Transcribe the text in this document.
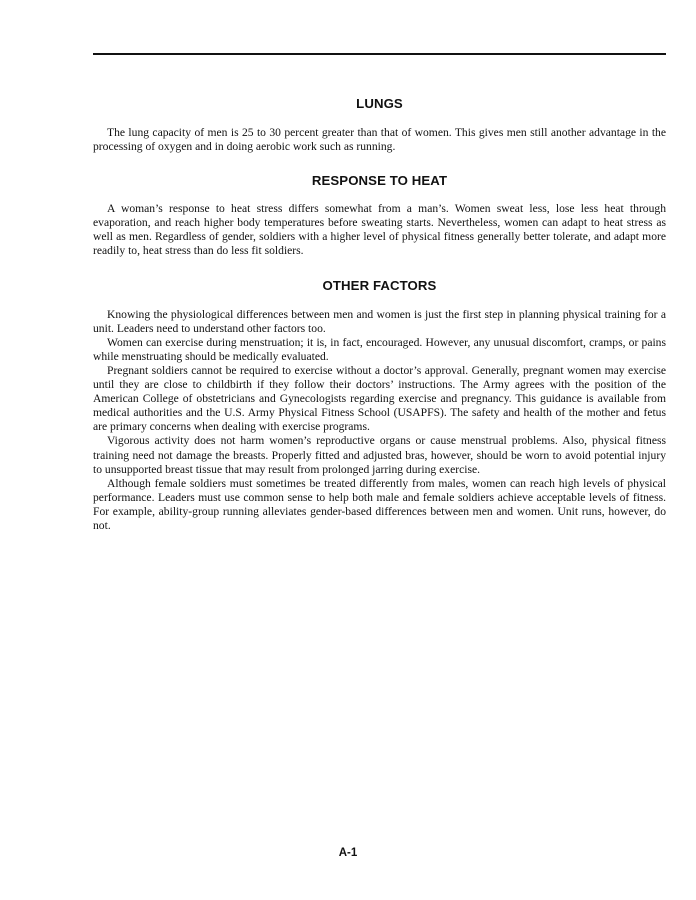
LUNGS

The lung capacity of men is 25 to 30 percent greater than that of women. This gives men still another advantage in the processing of oxygen and in doing aerobic work such as running.

RESPONSE TO HEAT

A woman’s response to heat stress differs somewhat from a man’s. Women sweat less, lose less heat through evaporation, and reach higher body temperatures before sweating starts. Nevertheless, women can adapt to heat stress as well as men. Regardless of gender, soldiers with a higher level of physical fitness generally better tolerate, and adapt more readily to, heat stress than do less fit soldiers.

OTHER FACTORS

Knowing the physiological differences between men and women is just the first step in planning physical training for a unit. Leaders need to understand other factors too.

Women can exercise during menstruation; it is, in fact, encouraged. However, any unusual discomfort, cramps, or pains while menstruating should be medically evaluated.

Pregnant soldiers cannot be required to exercise without a doctor’s approval. Generally, pregnant women may exercise until they are close to childbirth if they follow their doctors’ instructions. The Army agrees with the position of the American College of obstetricians and Gynecologists regarding exercise and pregnancy. This guidance is available from medical authorities and the U.S. Army Physical Fitness School (USAPFS). The safety and health of the mother and fetus are primary concerns when dealing with exercise programs.

Vigorous activity does not harm women’s reproductive organs or cause menstrual problems. Also, physical fitness training need not damage the breasts. Properly fitted and adjusted bras, however, should be worn to avoid potential injury to unsupported breast tissue that may result from prolonged jarring during exercise.

Although female soldiers must sometimes be treated differently from males, women can reach high levels of physical performance. Leaders must use common sense to help both male and female soldiers achieve acceptable levels of fitness. For example, ability-group running alleviates gender-based differences between men and women. Unit runs, however, do not.

A-1
